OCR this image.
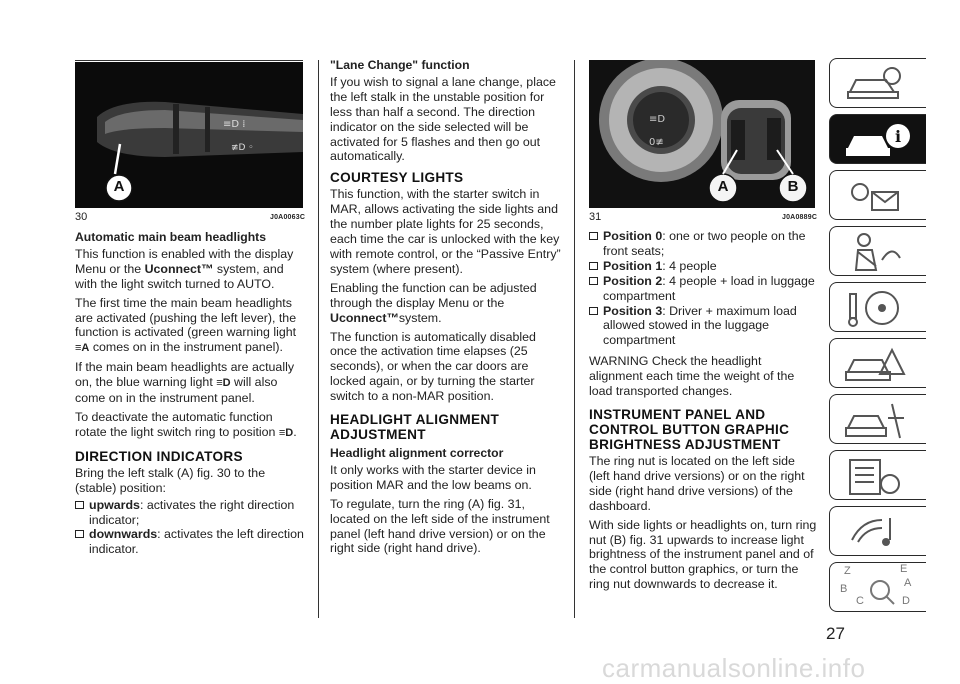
≡D ⁞
≢D ◦
A
30	J0A0063C
Automatic main beam headlights

This function is enabled with the display Menu or the Uconnect™ system, and with the light switch turned to AUTO.

The first time the main beam headlights are activated (pushing the left lever), the function is activated (green warning light ≡A comes on in the instrument panel).

If the main beam headlights are actually on, the blue warning light ≡D will also come on in the instrument panel.

To deactivate the automatic function rotate the light switch ring to position ≡D.

DIRECTION INDICATORS

Bring the left stalk (A) fig. 30 to the (stable) position:

upwards: activates the right direction indicator;
downwards: activates the left direction indicator.
"Lane Change" function

If you wish to signal a lane change, place the left stalk in the unstable position for less than half a second. The direction indicator on the side selected will be activated for 5 flashes and then go out automatically.

COURTESY LIGHTS

This function, with the starter switch in MAR, allows activating the side lights and the number plate lights for 25 seconds, each time the car is unlocked with the key with remote control, or the “Passive Entry” system (where present).

Enabling the function can be adjusted through the display Menu or the Uconnect™system.

The function is automatically disabled once the activation time elapses (25 seconds), or when the car doors are locked again, or by turning the starter switch to a non-MAR position.

HEADLIGHT ALIGNMENT ADJUSTMENT
Headlight alignment corrector

It only works with the starter device in position MAR and the low beams on.

To regulate, turn the ring (A) fig. 31, located on the left side of the instrument panel (left hand drive version) or on the right side (right hand drive).

≡D
0≢
A	B
31	J0A0889C
Position 0: one or two people on the front seats;
Position 1: 4 people
Position 2: 4 people + load in luggage compartment
Position 3: Driver + maximum load allowed stowed in the luggage compartment

WARNING Check the headlight alignment each time the weight of the load transported changes.

INSTRUMENT PANEL AND CONTROL BUTTON GRAPHIC BRIGHTNESS ADJUSTMENT

The ring nut is located on the left side (left hand drive versions) or on the right side (right hand drive versions) of the dashboard.

With side lights or headlights on, turn ring nut (B) fig. 31 upwards to increase light brightness of the instrument panel and of the control button graphics, or turn the ring nut downwards to decrease it.

i
Z	E
A
B
C	D
27
carmanualsonline.info
